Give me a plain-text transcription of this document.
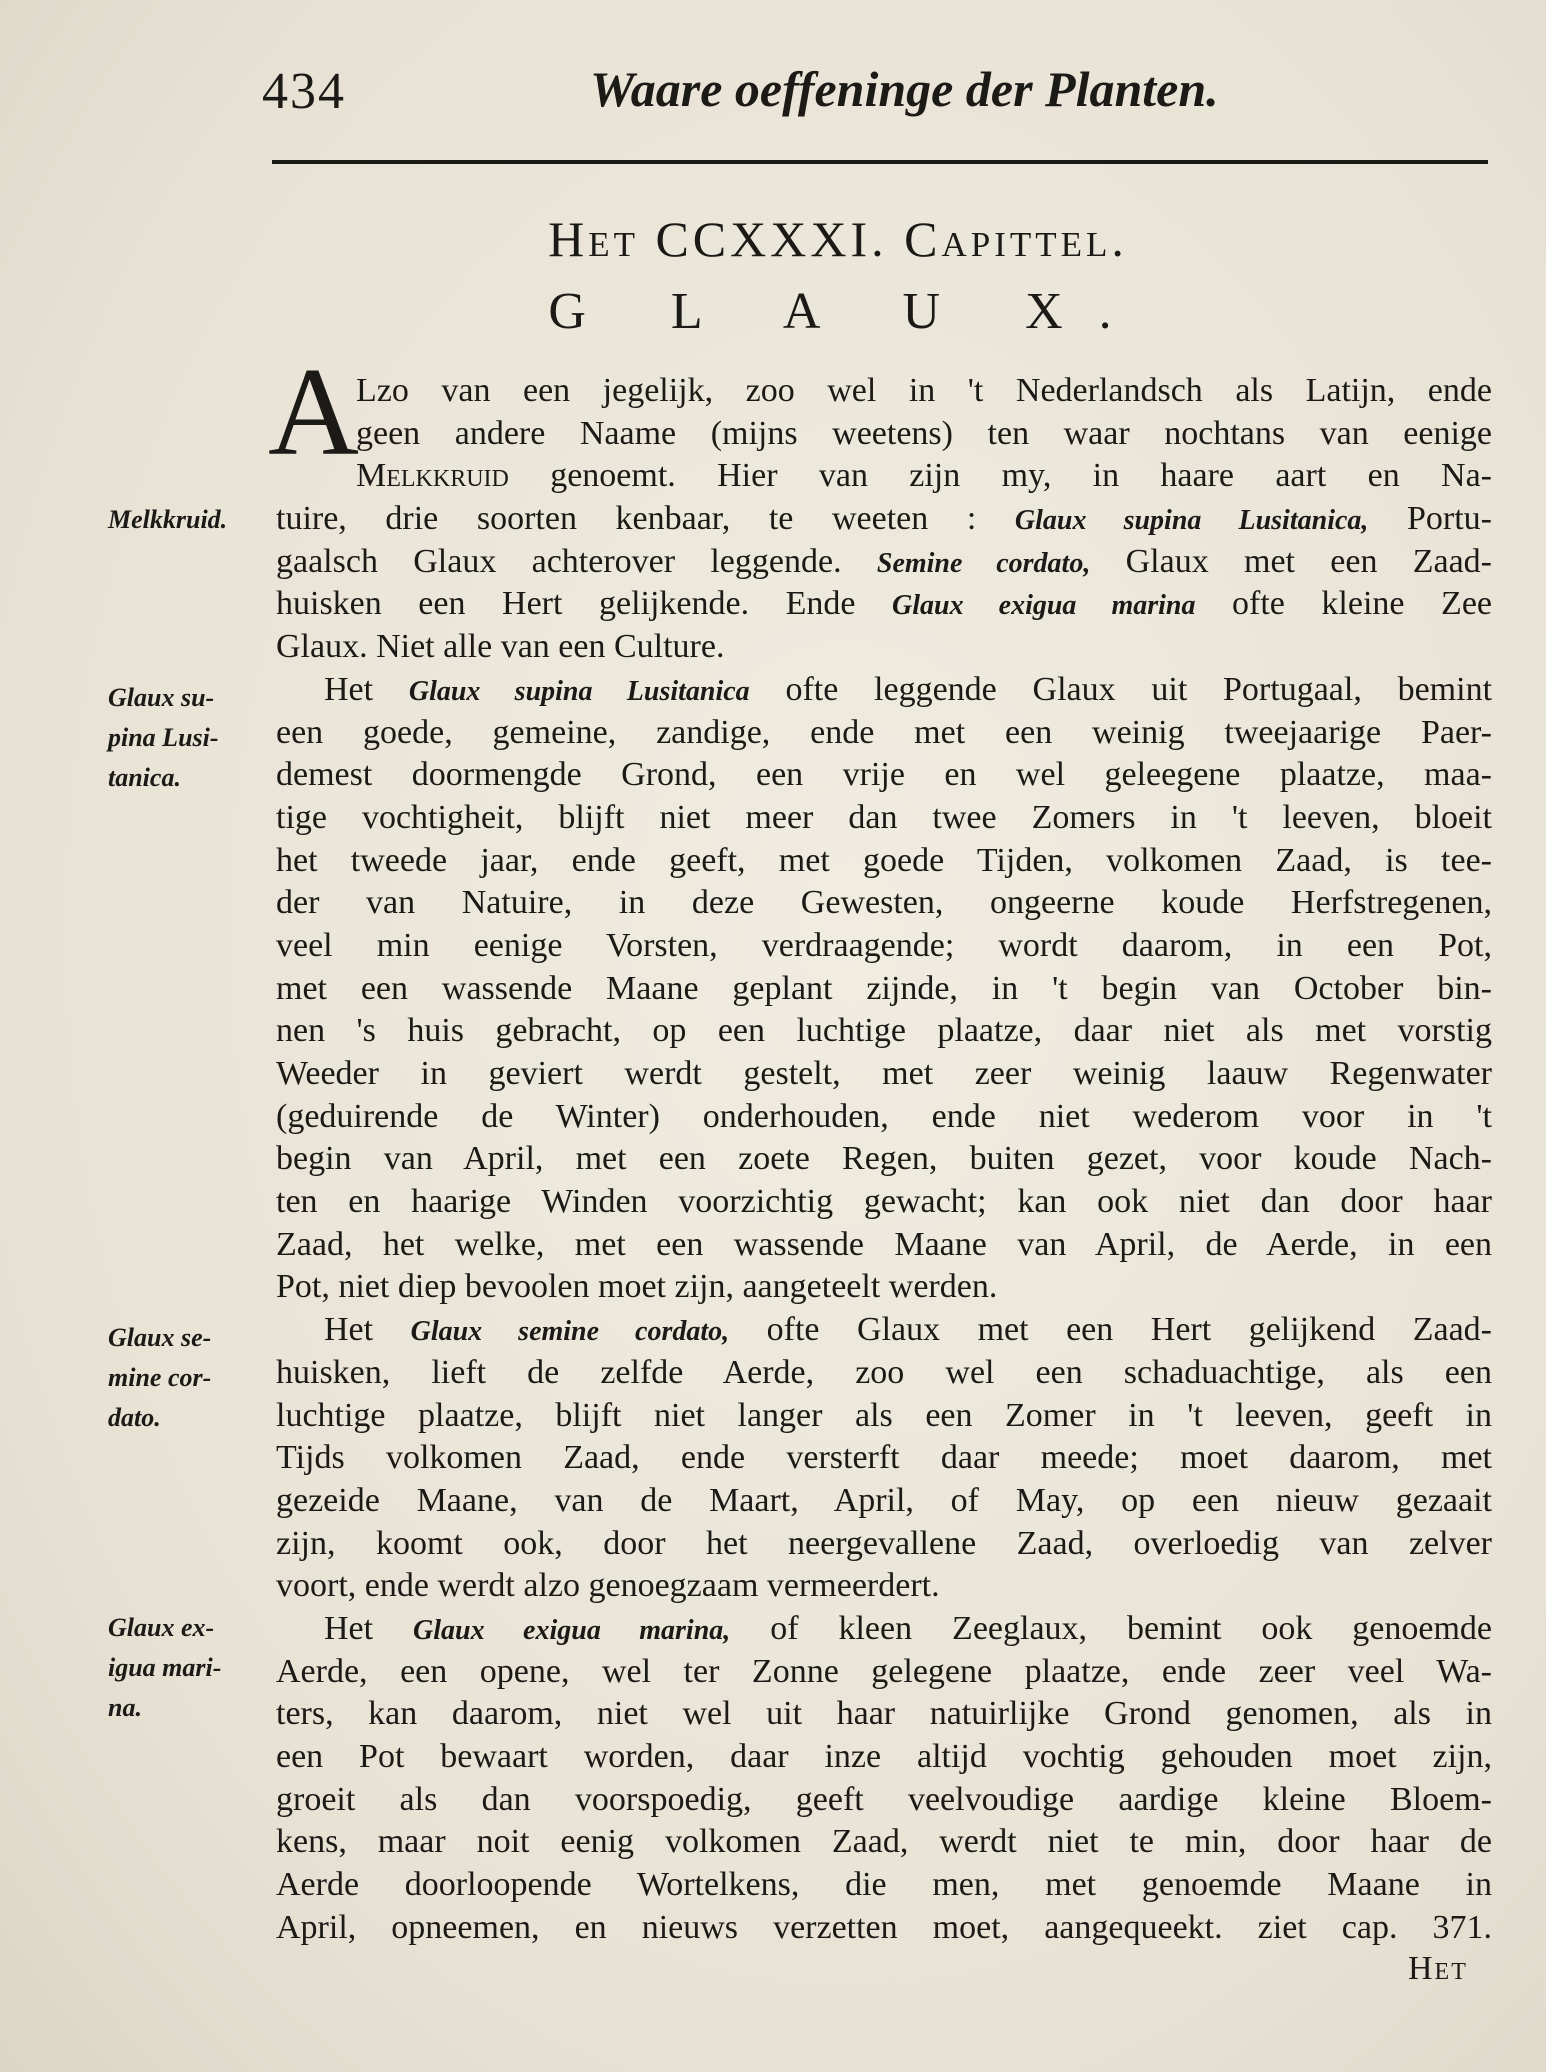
434	Waare oeffeninge der Planten.
Het CCXXXI. Capittel.
G L A U X.
A
Lzo van een jegelijk, zoo wel in 't Nederlandsch als Latijn, ende
geen andere Naame (mijns weetens) ten waar nochtans van eenige
Melkkruid genoemt. Hier van zijn my, in haare aart en Na-
tuire, drie soorten kenbaar, te weeten : Glaux supina Lusitanica, Portu-
gaalsch Glaux achterover leggende. Semine cordato, Glaux met een Zaad-
huisken een Hert gelijkende. Ende Glaux exigua marina ofte kleine Zee
Glaux. Niet alle van een Culture.
Het Glaux supina Lusitanica ofte leggende Glaux uit Portugaal, bemint
een goede, gemeine, zandige, ende met een weinig tweejaarige Paer-
demest doormengde Grond, een vrije en wel geleegene plaatze, maa-
tige vochtigheit, blijft niet meer dan twee Zomers in 't leeven, bloeit
het tweede jaar, ende geeft, met goede Tijden, volkomen Zaad, is tee-
der van Natuire, in deze Gewesten, ongeerne koude Herfstregenen,
veel min eenige Vorsten, verdraagende; wordt daarom, in een Pot,
met een wassende Maane geplant zijnde, in 't begin van October bin-
nen 's huis gebracht, op een luchtige plaatze, daar niet als met vorstig
Weeder in geviert werdt gestelt, met zeer weinig laauw Regenwater
(geduirende de Winter) onderhouden, ende niet wederom voor in 't
begin van April, met een zoete Regen, buiten gezet, voor koude Nach-
ten en haarige Winden voorzichtig gewacht; kan ook niet dan door haar
Zaad, het welke, met een wassende Maane van April, de Aerde, in een
Pot, niet diep bevoolen moet zijn, aangeteelt werden.
Het Glaux semine cordato, ofte Glaux met een Hert gelijkend Zaad-
huisken, lieft de zelfde Aerde, zoo wel een schaduachtige, als een
luchtige plaatze, blijft niet langer als een Zomer in 't leeven, geeft in
Tijds volkomen Zaad, ende versterft daar meede; moet daarom, met
gezeide Maane, van de Maart, April, of May, op een nieuw gezaait
zijn, koomt ook, door het neergevallene Zaad, overloedig van zelver
voort, ende werdt alzo genoegzaam vermeerdert.
Het Glaux exigua marina, of kleen Zeeglaux, bemint ook genoemde
Aerde, een opene, wel ter Zonne gelegene plaatze, ende zeer veel Wa-
ters, kan daarom, niet wel uit haar natuirlijke Grond genomen, als in
een Pot bewaart worden, daar inze altijd vochtig gehouden moet zijn,
groeit als dan voorspoedig, geeft veelvoudige aardige kleine Bloem-
kens, maar noit eenig volkomen Zaad, werdt niet te min, door haar de
Aerde doorloopende Wortelkens, die men, met genoemde Maane in
April, opneemen, en nieuws verzetten moet, aangequeekt. ziet cap. 371.
Melkkruid.
Glaux su-
pina Lusi-
tanica.
Glaux se-
mine cor-
dato.
Glaux ex-
igua mari-
na.
Het
